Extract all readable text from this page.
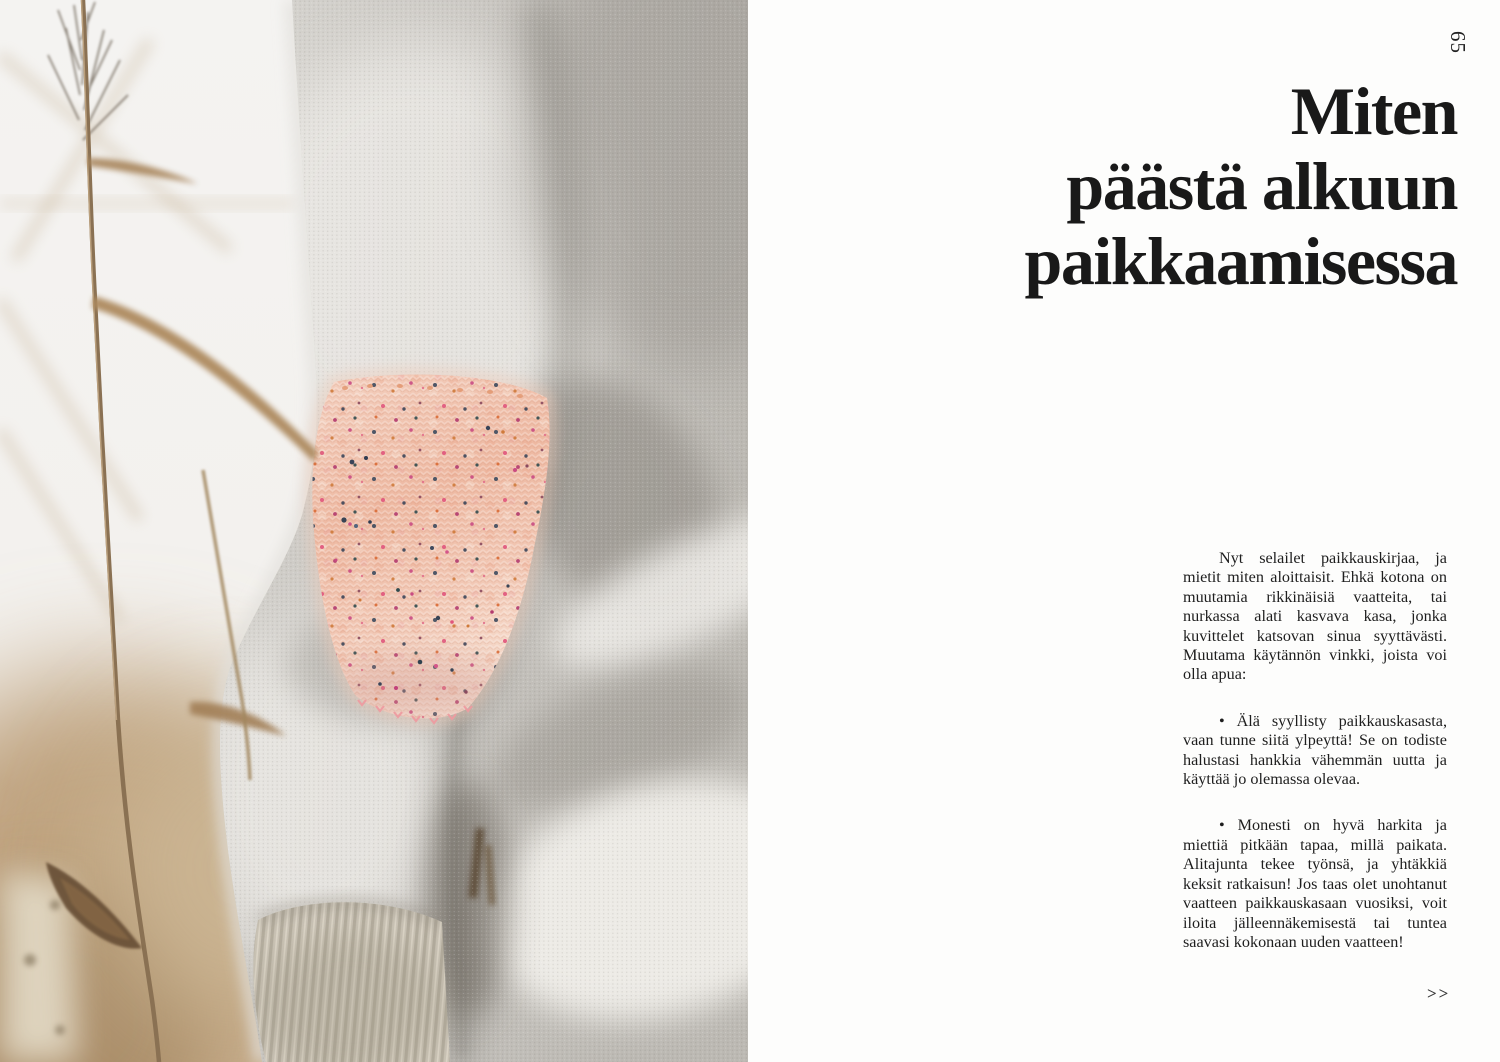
65
Miten
päästä alkuun
paikkaamisessa

Nyt selailet paikkauskirjaa, ja mietit miten aloittaisit. Ehkä kotona on muutamia rikkinäisiä vaatteita, tai nurkassa alati kasvava kasa, jonka kuvittelet katsovan sinua syyttävästi. Muutama käytännön vinkki, joista voi olla apua:

• Älä syyllisty paikkauskasasta, vaan tunne siitä ylpeyttä! Se on todiste halustasi hankkia vähemmän uutta ja käyttää jo olemassa olevaa.

• Monesti on hyvä harkita ja miettiä pitkään tapaa, millä paikata. Alitajunta tekee työnsä, ja yhtäkkiä keksit ratkaisun! Jos taas olet unohtanut vaatteen paikkauskasaan vuosiksi, voit iloita jälleennäkemisestä tai tuntea saavasi kokonaan uuden vaatteen!

>>
